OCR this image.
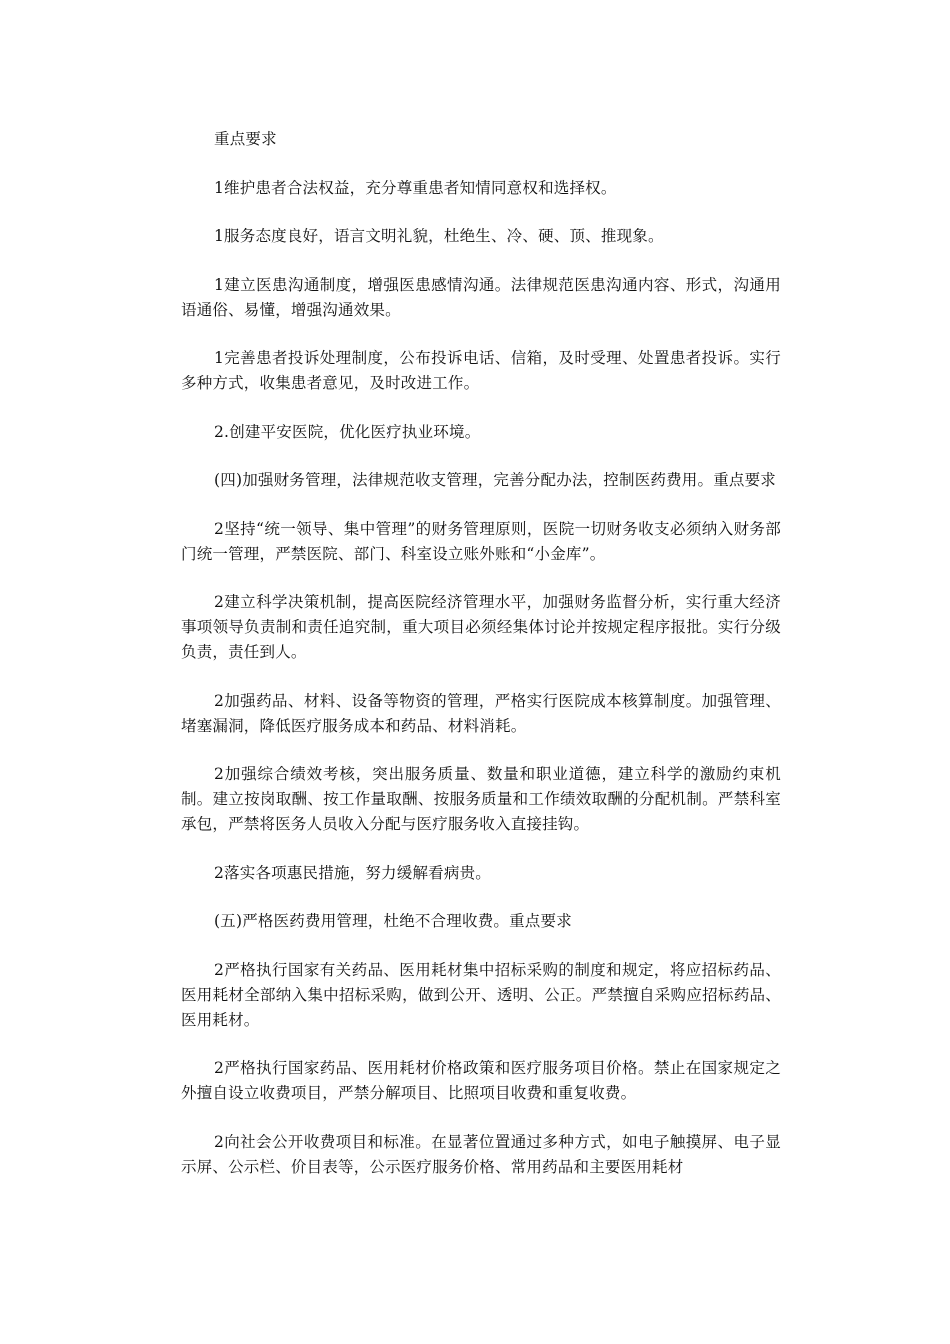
重点要求

1维护患者合法权益，充分尊重患者知情同意权和选择权。

1服务态度良好，语言文明礼貌，杜绝生、冷、硬、顶、推现象。

1建立医患沟通制度，增强医患感情沟通。法律规范医患沟通内容、形式，沟通用语通俗、易懂，增强沟通效果。

1完善患者投诉处理制度，公布投诉电话、信箱，及时受理、处置患者投诉。实行多种方式，收集患者意见，及时改进工作。

2.创建平安医院，优化医疗执业环境。

(四)加强财务管理，法律规范收支管理，完善分配办法，控制医药费用。重点要求

2坚持“统一领导、集中管理”的财务管理原则，医院一切财务收支必须纳入财务部门统一管理，严禁医院、部门、科室设立账外账和“小金库”。

2建立科学决策机制，提高医院经济管理水平，加强财务监督分析，实行重大经济事项领导负责制和责任追究制，重大项目必须经集体讨论并按规定程序报批。实行分级负责，责任到人。

2加强药品、材料、设备等物资的管理，严格实行医院成本核算制度。加强管理、堵塞漏洞，降低医疗服务成本和药品、材料消耗。

2加强综合绩效考核，突出服务质量、数量和职业道德，建立科学的激励约束机制。建立按岗取酬、按工作量取酬、按服务质量和工作绩效取酬的分配机制。严禁科室承包，严禁将医务人员收入分配与医疗服务收入直接挂钩。

2落实各项惠民措施，努力缓解看病贵。

(五)严格医药费用管理，杜绝不合理收费。重点要求

2严格执行国家有关药品、医用耗材集中招标采购的制度和规定，将应招标药品、医用耗材全部纳入集中招标采购，做到公开、透明、公正。严禁擅自采购应招标药品、医用耗材。

2严格执行国家药品、医用耗材价格政策和医疗服务项目价格。禁止在国家规定之外擅自设立收费项目，严禁分解项目、比照项目收费和重复收费。

2向社会公开收费项目和标准。在显著位置通过多种方式，如电子触摸屏、电子显示屏、公示栏、价目表等，公示医疗服务价格、常用药品和主要医用耗材
